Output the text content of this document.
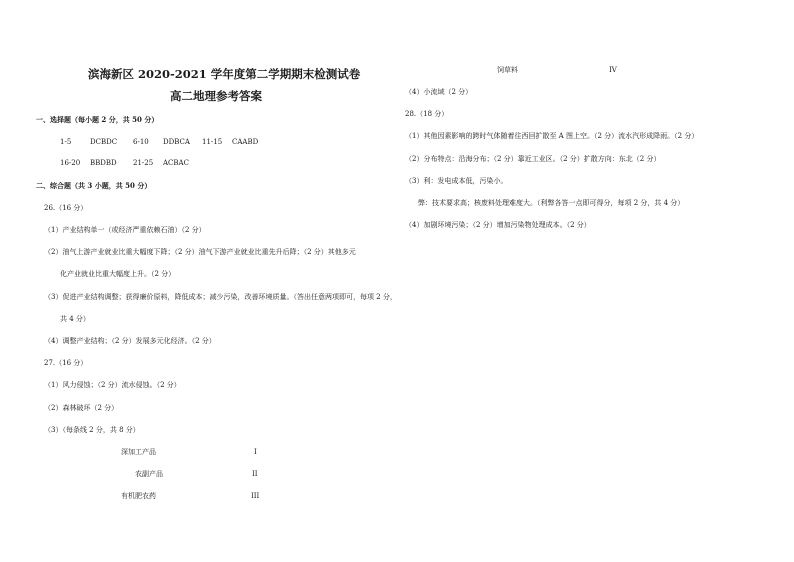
滨海新区 2020-2021 学年度第二学期期末检测试卷
高二地理参考答案
一、选择题（每小题 2 分，共 50 分）
1-5	DCBDC 6-10 DDBCA 11-15 CAABD
16-20 BBDBD 21-25 ACBAC
二、综合题（共 3 小题，共 50 分）
26.（16 分）
（1）产业结构单一（或经济严重依赖石油）（2 分）
（2）油气上游产业就业比重大幅度下降；（2 分）油气下游产业就业比重先升后降；（2 分）其他多元
化产业就业比重大幅度上升。（2 分）
（3）促进产业结构调整；获得廉价原料，降低成本；减少污染，改善环境质量。（答出任意两项即可，每项 2 分，
共 4 分）
（4）调整产业结构；（2 分）发展多元化经济。（2 分）
27.（16 分）
（1）风力侵蚀；（2 分）流水侵蚀。（2 分）
（2）森林破坏（2 分）
（3）（每条线 2 分，共 8 分）
深加工产品	I
农副产品	II
有机肥农药	III
饲草料	IV
（4）小流域（2 分）
28.（18 分）
（1）其他因素影响的跨时气体随着往西回扩散至 A 图上空。（2 分）流水汽形成降雨。（2 分）
（2）分布特点：沿海分布；（2 分）靠近工业区。（2 分）扩散方向：东北（2 分）
（3）利：发电成本低，污染小。
弊：技术要求高；核废料处理难度大。（利弊各答一点即可得分，每项 2 分，共 4 分）
（4）加剧环境污染；（2 分）增加污染物处理成本。（2 分）
